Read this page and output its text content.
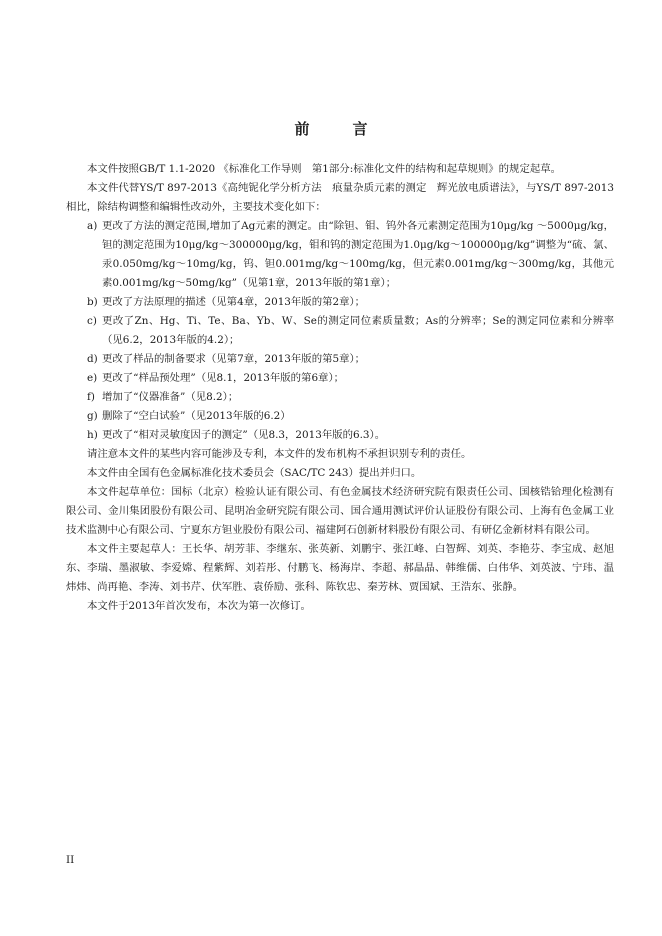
前　言

本文件按照GB/T 1.1-2020 《标准化工作导则　第1部分:标准化文件的结构和起草规则》的规定起草。

本文件代替YS/T 897-2013《高纯铌化学分析方法　痕量杂质元素的测定　辉光放电质谱法》，与YS/T 897-2013相比，除结构调整和编辑性改动外，主要技术变化如下：

a) 更改了方法的测定范围,增加了Ag元素的测定。由“除钽、钼、钨外各元素测定范围为10μg/kg ～5000μg/kg，钽的测定范围为10μg/kg～300000μg/kg，钼和钨的测定范围为1.0μg/kg～100000μg/kg”调整为“硫、氯、汞0.050mg/kg～10mg/kg，钨、钽0.001mg/kg～100mg/kg，但元素0.001mg/kg～300mg/kg，其他元素0.001mg/kg～50mg/kg”（见第1章，2013年版的第1章）；

b) 更改了方法原理的描述（见第4章，2013年版的第2章）；

c) 更改了Zn、Hg、Ti、Te、Ba、Yb、W、Se的测定同位素质量数；As的分辨率；Se的测定同位素和分辨率（见6.2，2013年版的4.2）；

d) 更改了样品的制备要求（见第7章，2013年版的第5章）；

e) 更改了“样品预处理”（见8.1，2013年版的第6章）；

f) 增加了“仪器准备”（见8.2）；

g) 删除了“空白试验”（见2013年版的6.2）

h) 更改了“相对灵敏度因子的测定”（见8.3，2013年版的6.3）。

请注意本文件的某些内容可能涉及专利，本文件的发布机构不承担识别专利的责任。

本文件由全国有色金属标准化技术委员会（SAC/TC 243）提出并归口。

本文件起草单位：国标（北京）检验认证有限公司、有色金属技术经济研究院有限责任公司、国核锆铪理化检测有限公司、金川集团股份有限公司、昆明冶金研究院有限公司、国合通用测试评价认证股份有限公司、上海有色金属工业技术监测中心有限公司、宁夏东方钽业股份有限公司、福建阿石创新材料股份有限公司、有研亿金新材料有限公司。

本文件主要起草人：王长华、胡芳菲、李继东、张英新、刘鹏宇、张江峰、白智辉、刘英、李艳芬、李宝成、赵旭东、李瑞、墨淑敏、李爱嫦、程紫辉、刘若彤、付鹏飞、杨海岸、李超、郝晶晶、韩维儒、白伟华、刘英波、宁玮、温炜炜、尚再艳、李涛、刘书芹、伏军胜、袁侨励、张科、陈钦忠、秦芳林、贾国斌、王浩东、张静。

本文件于2013年首次发布，本次为第一次修订。

II
